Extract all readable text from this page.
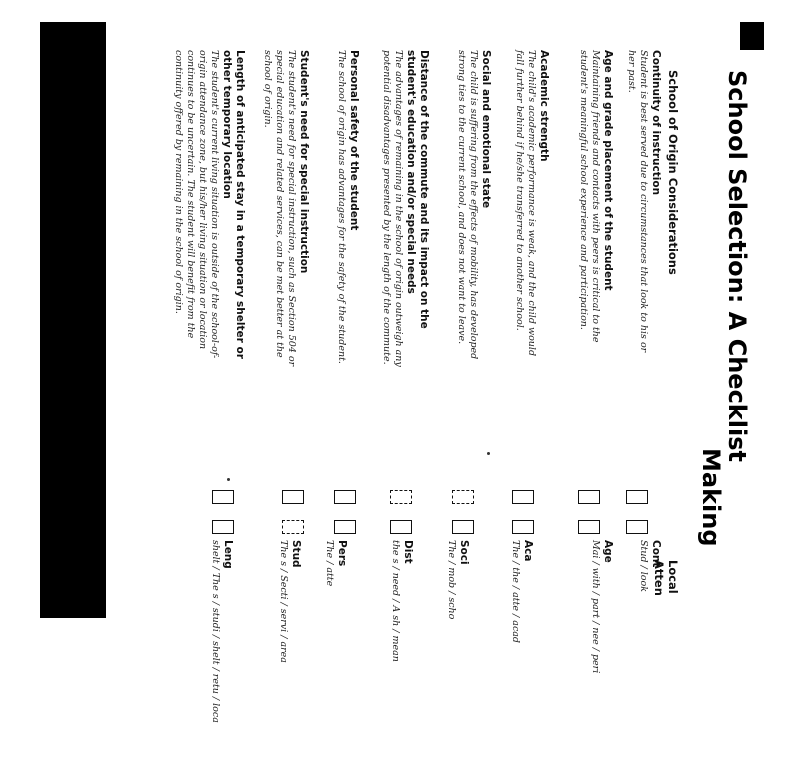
School Selection: A Checklist
Making
School of Origin Considerations
Local Atten
Continuity of instruction
Student is best served due to circumstances that look to his or her past.
Age and grade placement of the student
Maintaining friends and contacts with peers is critical to the student's meaningful school experience and participation.
Academic strength
The child's academic performance is weak, and the child would fall further behind if he/she transferred to another school.
Social and emotional state
The child is suffering from the effects of mobility, has developed strong ties to the current school, and does not want to leave.
Distance of the commute and its impact on the student's education and/or special needs
The advantages of remaining in the school of origin outweigh any potential disadvantages presented by the length of the commute.
Personal safety of the student
The school of origin has advantages for the safety of the student.
Student's need for special instruction
The student's need for special instruction, such as Section 504 or special education and related services, can be met better at the school of origin.
Length of anticipated stay in a temporary shelter or other temporary location
The student's current living situation is outside of the school-of-origin attendance zone, but his/her living situation or location continues to be uncertain. The student will benefit from the continuity offered by remaining in the school of origin.
Cont
Stud / look
Age
Mai / with / part / nee / peri
Aca
The / the / atte / acad
Soci
The / mob / scho
Dist
the s / need / A sh / mean
Pers
The / atte
Stud
The s / Secti / servi / area
Leng
shelt / The s / studi / shelt / retu / loca
